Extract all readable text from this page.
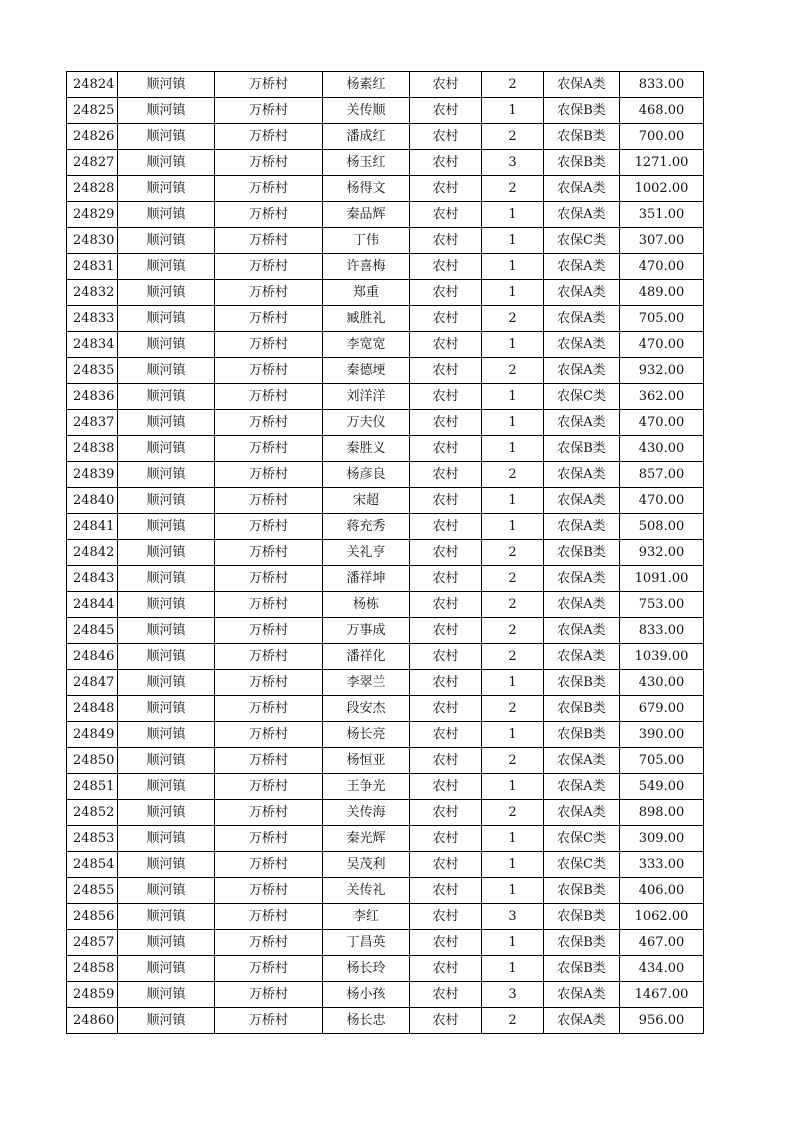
24824	顺河镇	万桥村	杨素红	农村	2	农保A类	833.00
24825	顺河镇	万桥村	关传顺	农村	1	农保B类	468.00
24826	顺河镇	万桥村	潘成红	农村	2	农保B类	700.00
24827	顺河镇	万桥村	杨玉红	农村	3	农保B类	1271.00
24828	顺河镇	万桥村	杨得文	农村	2	农保A类	1002.00
24829	顺河镇	万桥村	秦品辉	农村	1	农保A类	351.00
24830	顺河镇	万桥村	丁伟	农村	1	农保C类	307.00
24831	顺河镇	万桥村	许喜梅	农村	1	农保A类	470.00
24832	顺河镇	万桥村	郑重	农村	1	农保A类	489.00
24833	顺河镇	万桥村	臧胜礼	农村	2	农保A类	705.00
24834	顺河镇	万桥村	李宽宽	农村	1	农保A类	470.00
24835	顺河镇	万桥村	秦德埂	农村	2	农保A类	932.00
24836	顺河镇	万桥村	刘洋洋	农村	1	农保C类	362.00
24837	顺河镇	万桥村	万夫仪	农村	1	农保A类	470.00
24838	顺河镇	万桥村	秦胜义	农村	1	农保B类	430.00
24839	顺河镇	万桥村	杨彦良	农村	2	农保A类	857.00
24840	顺河镇	万桥村	宋超	农村	1	农保A类	470.00
24841	顺河镇	万桥村	蒋充秀	农村	1	农保A类	508.00
24842	顺河镇	万桥村	关礼亨	农村	2	农保B类	932.00
24843	顺河镇	万桥村	潘祥坤	农村	2	农保A类	1091.00
24844	顺河镇	万桥村	杨栋	农村	2	农保A类	753.00
24845	顺河镇	万桥村	万事成	农村	2	农保A类	833.00
24846	顺河镇	万桥村	潘祥化	农村	2	农保A类	1039.00
24847	顺河镇	万桥村	李翠兰	农村	1	农保B类	430.00
24848	顺河镇	万桥村	段安杰	农村	2	农保B类	679.00
24849	顺河镇	万桥村	杨长亮	农村	1	农保B类	390.00
24850	顺河镇	万桥村	杨恒亚	农村	2	农保A类	705.00
24851	顺河镇	万桥村	王争光	农村	1	农保A类	549.00
24852	顺河镇	万桥村	关传海	农村	2	农保A类	898.00
24853	顺河镇	万桥村	秦光辉	农村	1	农保C类	309.00
24854	顺河镇	万桥村	吴茂利	农村	1	农保C类	333.00
24855	顺河镇	万桥村	关传礼	农村	1	农保B类	406.00
24856	顺河镇	万桥村	李红	农村	3	农保B类	1062.00
24857	顺河镇	万桥村	丁昌英	农村	1	农保B类	467.00
24858	顺河镇	万桥村	杨长玲	农村	1	农保B类	434.00
24859	顺河镇	万桥村	杨小孩	农村	3	农保A类	1467.00
24860	顺河镇	万桥村	杨长忠	农村	2	农保A类	956.00
